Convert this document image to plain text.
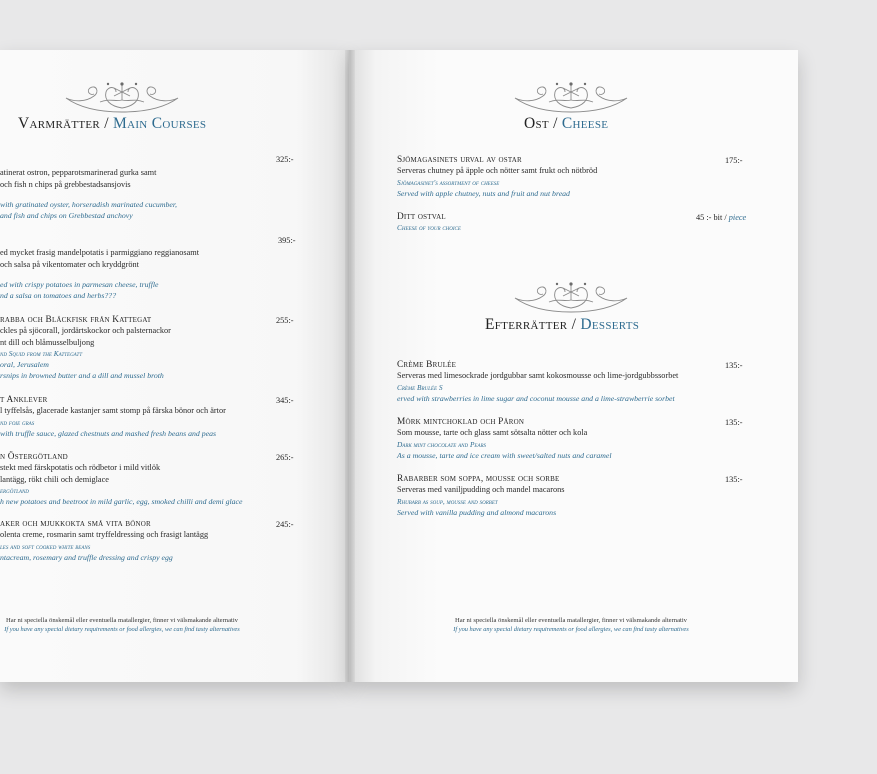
Varmrätter / Main Courses
325:-
atinerat ostron, pepparotsmarinerad gurka samt
och fish n chips på grebbestadsansjovis
with gratinated oyster, horseradish marinated cucumber,
and fish and chips on Grebbestad anchovy
395:-
ed mycket frasig mandelpotatis i parmiggiano reggianosamt
och salsa på vikentomater och kryddgrönt
ed with crispy potatoes in parmesan cheese, truffle
nd a salsa on tomatoes and herbs???
255:-
rabba och Bläckfisk från Kattegat
ckles på sjöcorall, jordärtskockor och palsternackor
nt dill och blåmusselbuljong
nd Squid from the Kattegatt
oral, Jerusalem
rsnips in browned butter and a dill and mussel broth
345:-
t Anklever
l tyffelsås, glacerade kastanjer samt stomp på färska bönor och ärtor
nd foie gras
with truffle sauce, glazed chestnuts and mashed fresh beans and peas
265:-
n Östergötland
stekt med färskpotatis och rödbetor i mild vitlök
lantägg, rökt chili och demiglace
ergötland
h new potatoes and beetroot in mild garlic, egg, smoked chilli and demi glace
245:-
aker och mjukkokta små vita bönor
olenta creme, rosmarin samt tryffeldressing och frasigt lantägg
les and soft cooked white beans
ntacream, rosemary and truffle dressing and crispy egg
Har ni speciella önskemål eller eventuella matallergier, finner vi välsmakande alternativ
If you have any special dietary requirements or food allergies, we can find tasty alternatives
Ost / Cheese
175:-
Sjömagasinets urval av ostar
Serveras chutney på äpple och nötter samt frukt och nötbröd
Sjömagasinet's assortment of cheese
Served with apple chutney, nuts and fruit and nut bread
45 :- bit / piece
Ditt ostval
Cheese of your choice
Efterrätter / Desserts
135:-
Crème Brulée
Serveras med limesockrade jordgubbar samt kokosmousse och lime-jordgubbssorbet
Crème Brulée S
erved with strawberries in lime sugar and coconut mousse and a lime-strawberrie sorbet
135:-
Mörk mintchoklad och Päron
Som mousse, tarte och glass samt sötsalta nötter och kola
Dark mint chocolate and Pears
As a mousse, tarte and ice cream with sweet/salted nuts and caramel
135:-
Rabarber som soppa, mousse och sorbe
Serveras med vaniljpudding och mandel macarons
Rhubarb as soup, mousse and sorbet
Served with vanilla pudding and almond macarons
Har ni speciella önskemål eller eventuella matallergier, finner vi välsmakande alternativ
If you have any special dietary requirements or food allergies, we can find tasty alternatives
